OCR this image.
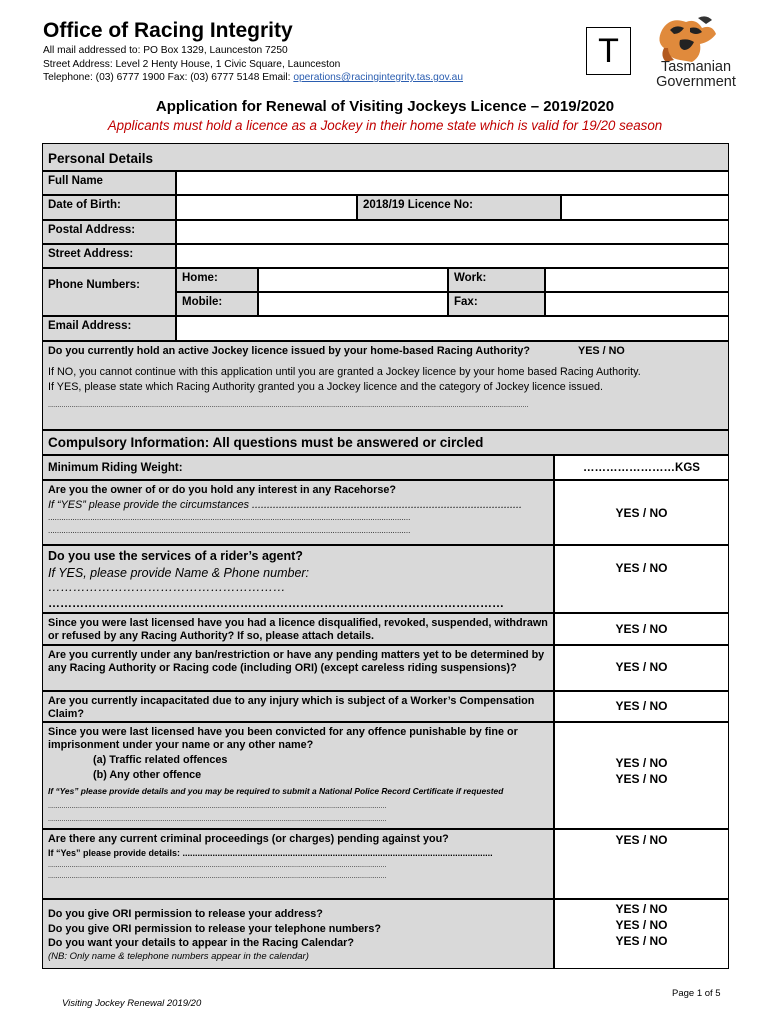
Office of Racing Integrity
All mail addressed to: PO Box 1329, Launceston 7250
Street Address: Level 2 Henty House, 1 Civic Square, Launceston
Telephone: (03) 6777 1900 Fax: (03) 6777 5148 Email: operations@racingintegrity.tas.gov.au
T	Tasmanian
Government
Application for Renewal of Visiting Jockeys Licence – 2019/2020
Applicants must hold a licence as a Jockey in their home state which is valid for 19/20 season
Personal Details
Full Name
Date of Birth:	2018/19 Licence No:
Postal Address:
Street Address:
Phone Numbers:
Home:	Work:
Mobile:	Fax:
Email Address:
Do you currently hold an active Jockey licence issued by your home-based Racing Authority?	YES / NO
If NO, you cannot continue with this application until you are granted a Jockey licence by your home based Racing Authority.
If YES, please state which Racing Authority granted you a Jockey licence and the category of Jockey licence issued.
.......................................................................................................................................................................................................................................................
Compulsory Information: All questions must be answered or circled
Minimum Riding Weight:	……………………KGS
Are you the owner of or do you hold any interest in any Racehorse?
If “YES” please provide the circumstances ..........................................................................................
...................................................................................................................................................................
...................................................................................................................................................................
YES / NO
Do you use the services of a rider’s agent?
If YES, please provide Name & Phone number: …………………………………………………
……………………………………………………………………………………………………
YES / NO
Since you were last licensed have you had a licence disqualified, revoked, suspended, withdrawn or refused by any Racing Authority? If so, please attach details.	YES / NO
Are you currently under any ban/restriction or have any pending matters yet to be determined by any Racing Authority or Racing code (including ORI) (except careless riding suspensions)?	YES / NO
Are you currently incapacitated due to any injury which is subject of a Worker’s Compensation Claim?
YES / NO
Since you were last licensed have you been convicted for any offence punishable by fine or imprisonment under your name or any other name?
(a) Traffic related offences
(b) Any other offence
If “Yes” please provide details and you may be required to submit a National Police Record Certificate if requested
..............................................................................................................................................................................
..............................................................................................................................................................................
YES / NO
YES / NO
Are there any current criminal proceedings (or charges) pending against you?
If “Yes” please provide details: ............................................................................................................................
..............................................................................................................................................................................
..............................................................................................................................................................................
YES / NO
Do you give ORI permission to release your address?
Do you give ORI permission to release your telephone numbers?
Do you want your details to appear in the Racing Calendar?
(NB: Only name & telephone numbers appear in the calendar)
YES / NO
YES / NO
YES / NO
Page 1 of 5
Visiting Jockey Renewal 2019/20
